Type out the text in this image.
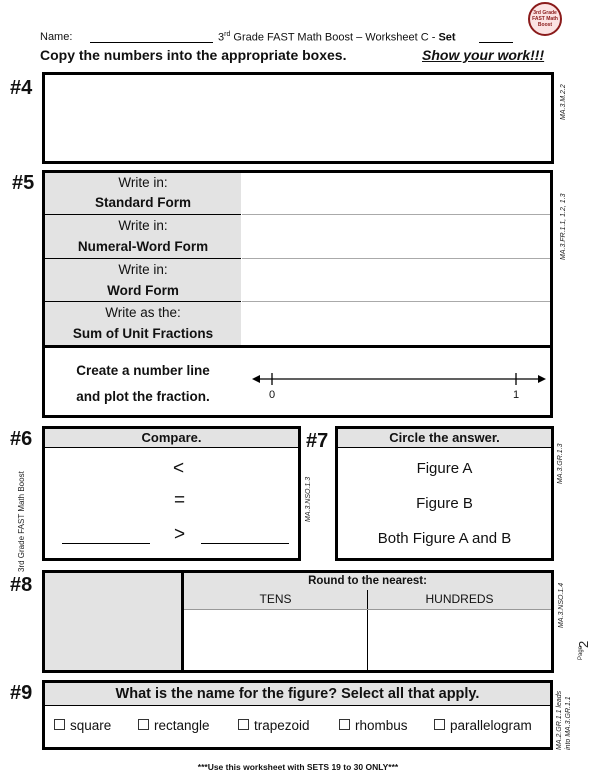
Name:	3rd Grade FAST Math Boost – Worksheet C - Set
3rd Grade
FAST Math
Boost
Copy the numbers into the appropriate boxes.	Show your work!!!
#4	MA.3.M.2.2
#5	Write in:
Standard Form
Write in:
Numeral-Word Form
Write in:
Word Form
Write as the:
Sum of Unit Fractions
Create a number line
and plot the fraction.	0	1
MA.3.FR.1.1, 1.2, 1.3
#6
3rd Grade FAST Math Boost
Compare.
<
=
>
MA.3.NSO.1.3
#7	Circle the answer.
Figure A
Figure B
Both Figure A and B
MA.3.GR.1.3
#8	Round to the nearest:
TENS	HUNDREDS	MA.3.NSO.1.4
Page
2
#9	What is the name for the figure? Select all that apply.
square	rectangle	trapezoid	rhombus	parallelogram	MA.2.GR.1.1 leads into MA.3.GR.1.1
***Use this worksheet with SETS 19 to 30 ONLY***
